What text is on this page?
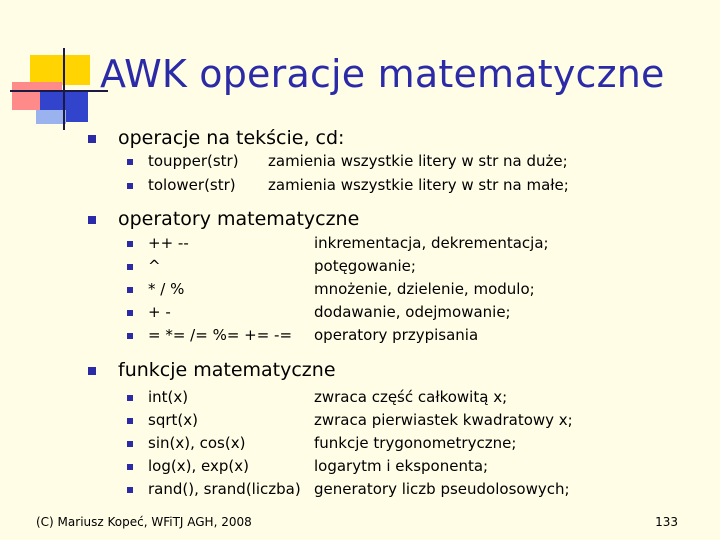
AWK operacje matematyczne
operacje na tekście, cd:
toupper(str) zamienia wszystkie litery w str na duże;
tolower(str) zamienia wszystkie litery w str na małe;
operatory matematyczne
++ --	inkrementacja, dekrementacja;
^	potęgowanie;
* / %	mnożenie, dzielenie, modulo;
+ -	dodawanie, odejmowanie;
= *= /= %= += -= operatory przypisania
funkcje matematyczne
int(x)	zwraca część całkowitą x;
sqrt(x)	zwraca pierwiastek kwadratowy x;
sin(x), cos(x)	funkcje trygonometryczne;
log(x), exp(x)	logarytm i eksponenta;
rand(), srand(liczba) generatory liczb pseudolosowych;
(C) Mariusz Kopeć, WFiTJ AGH, 2008	133
